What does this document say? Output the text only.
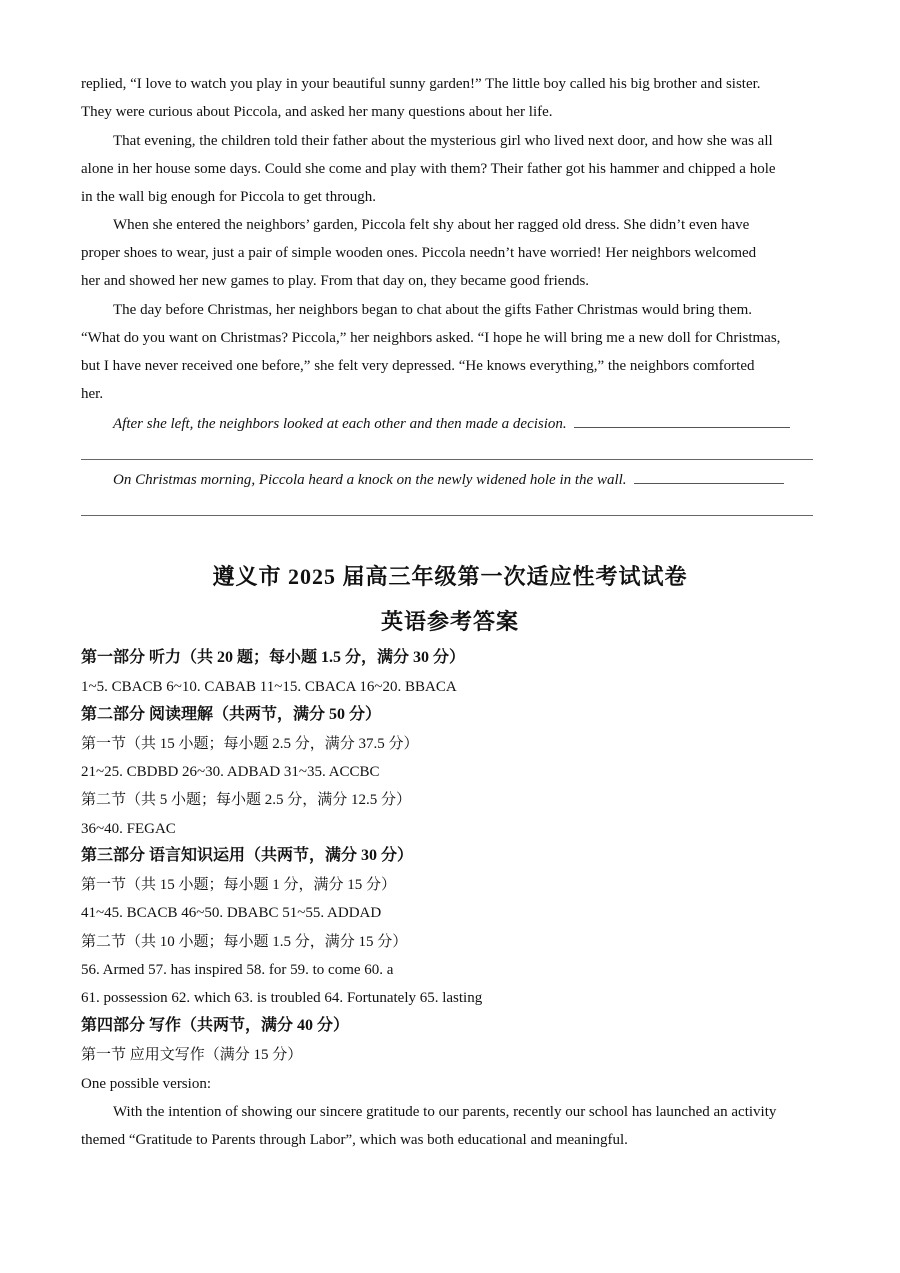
replied, “I love to watch you play in your beautiful sunny garden!” The little boy called his big brother and sister.
They were curious about Piccola, and asked her many questions about her life.
That evening, the children told their father about the mysterious girl who lived next door, and how she was all
alone in her house some days. Could she come and play with them? Their father got his hammer and chipped a hole
in the wall big enough for Piccola to get through.
When she entered the neighbors’ garden, Piccola felt shy about her ragged old dress. She didn’t even have
proper shoes to wear, just a pair of simple wooden ones. Piccola needn’t have worried! Her neighbors welcomed
her and showed her new games to play. From that day on, they became good friends.
The day before Christmas, her neighbors began to chat about the gifts Father Christmas would bring them.
“What do you want on Christmas? Piccola,” her neighbors asked. “I hope he will bring me a new doll for Christmas,
but I have never received one before,” she felt very depressed. “He knows everything,” the neighbors comforted
her.
After she left, the neighbors looked at each other and then made a decision.
On Christmas morning, Piccola heard a knock on the newly widened hole in the wall.
遵义市 2025 届高三年级第一次适应性考试试卷
英语参考答案
第一部分 听力（共 20 题；每小题 1.5 分，满分 30 分）
1~5. CBACB 6~10. CABAB 11~15. CBACA 16~20. BBACA
第二部分 阅读理解（共两节，满分 50 分）
第一节（共 15 小题；每小题 2.5 分，满分 37.5 分）
21~25. CBDBD 26~30. ADBAD 31~35. ACCBC
第二节（共 5 小题；每小题 2.5 分，满分 12.5 分）
36~40. FEGAC
第三部分 语言知识运用（共两节，满分 30 分）
第一节（共 15 小题；每小题 1 分，满分 15 分）
41~45. BCACB 46~50. DBABC 51~55. ADDAD
第二节（共 10 小题；每小题 1.5 分，满分 15 分）
56. Armed 57. has inspired 58. for 59. to come 60. a
61. possession 62. which 63. is troubled 64. Fortunately 65. lasting
第四部分 写作（共两节，满分 40 分）
第一节 应用文写作（满分 15 分）
One possible version:
With the intention of showing our sincere gratitude to our parents, recently our school has launched an activity
themed “Gratitude to Parents through Labor”, which was both educational and meaningful.
